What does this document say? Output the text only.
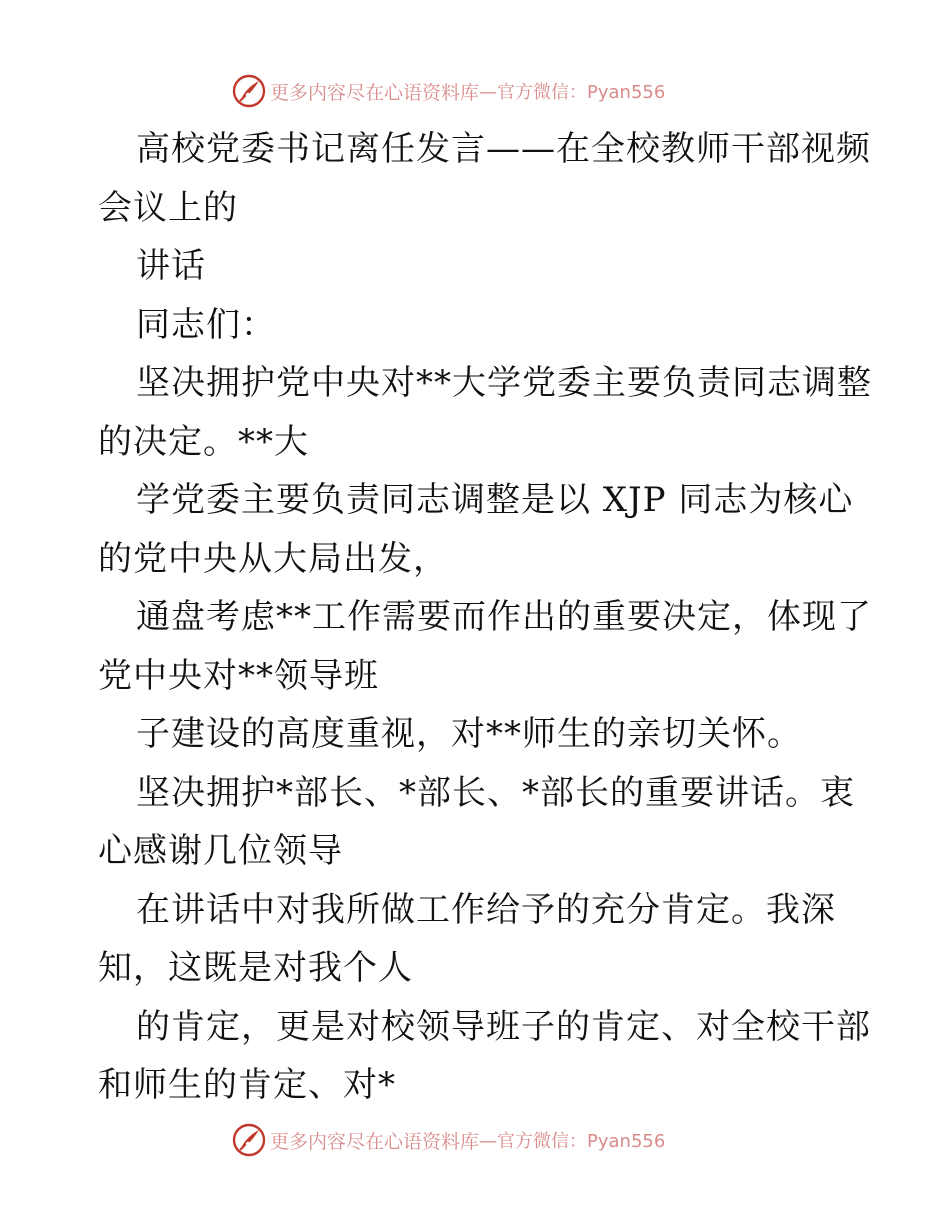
更多内容尽在心语资料库 —官方微信：Pyan556
高校党委书记离任发言——在全校教师干部视频
会议上的
讲话
同志们：
坚决拥护党中央对**大学党委主要负责同志调整
的决定。**大
学党委主要负责同志调整是以 XJP 同志为核心
的党中央从大局出发，
通盘考虑**工作需要而作出的重要决定，体现了
党中央对**领导班
子建设的高度重视，对**师生的亲切关怀。
坚决拥护*部长、*部长、*部长的重要讲话。衷
心感谢几位领导
在讲话中对我所做工作给予的充分肯定。我深
知，这既是对我个人
的肯定，更是对校领导班子的肯定、对全校干部
和师生的肯定、对*
更多内容尽在心语资料库 —官方微信：Pyan556
